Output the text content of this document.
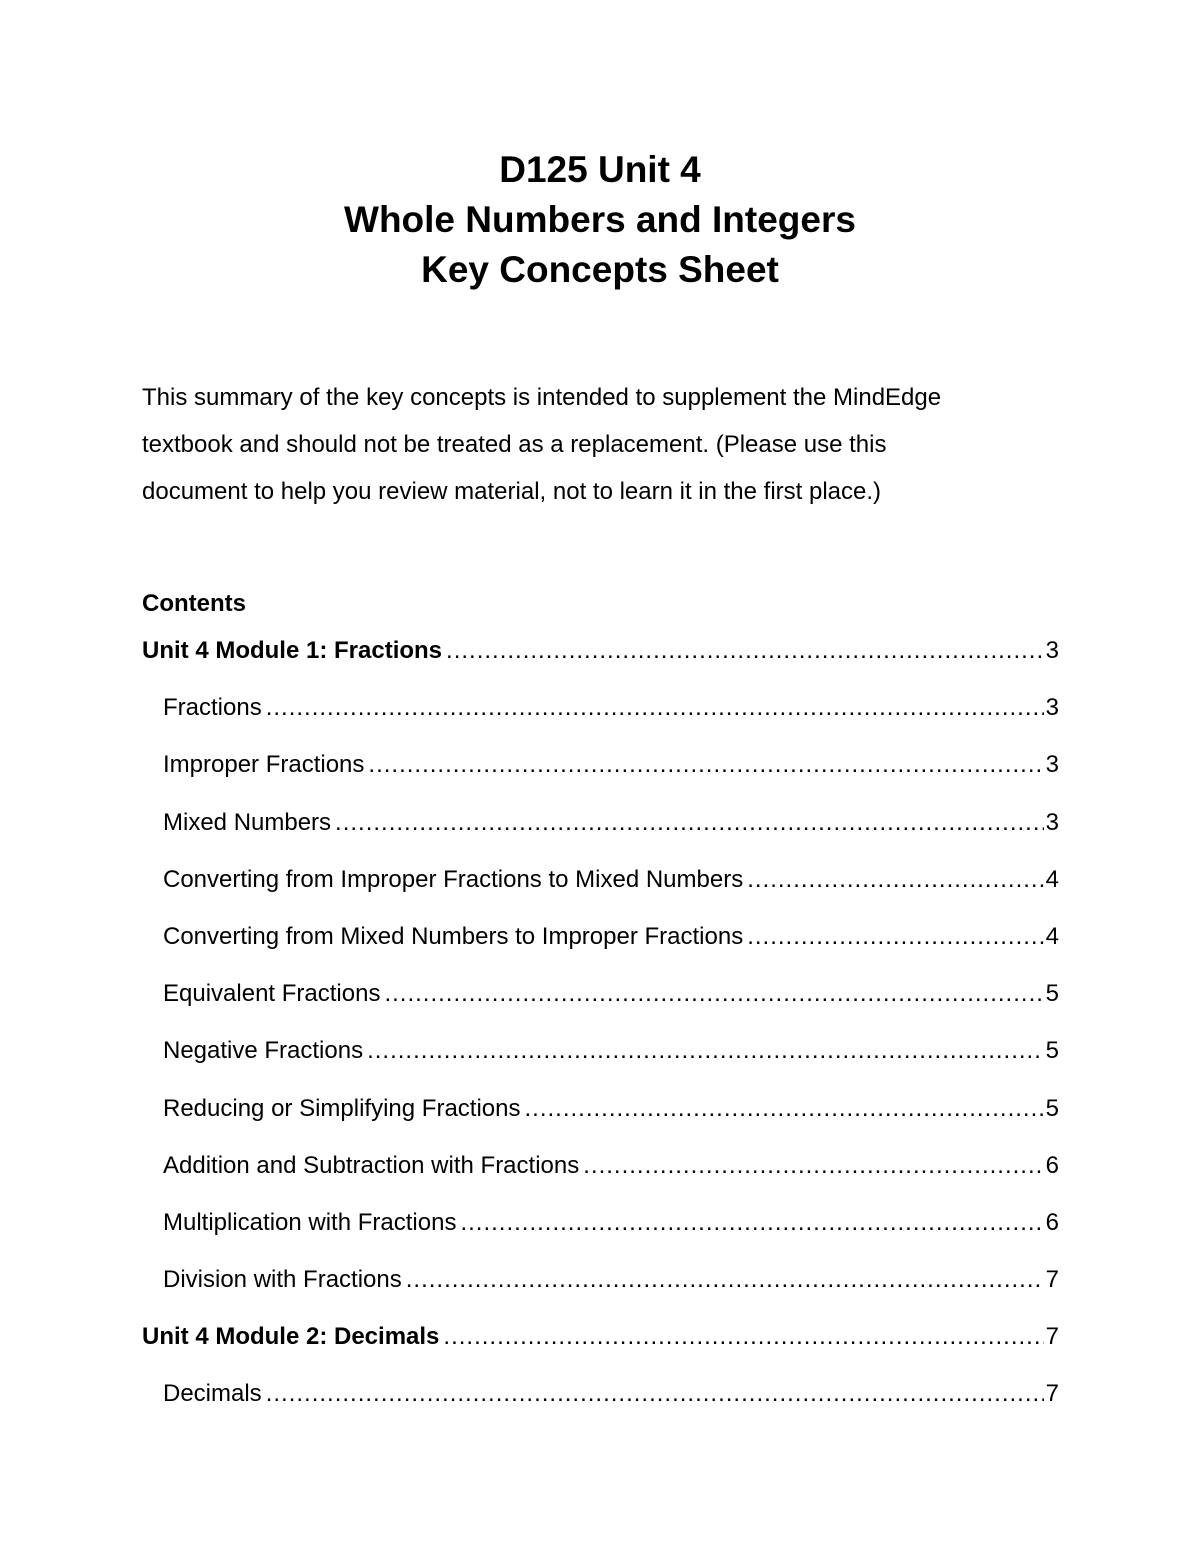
D125 Unit 4
Whole Numbers and Integers
Key Concepts Sheet
This summary of the key concepts is intended to supplement the MindEdge
textbook and should not be treated as a replacement. (Please use this
document to help you review material, not to learn it in the first place.)
Contents
Unit 4 Module 1: Fractions .....	3
Fractions .....	3
Improper Fractions .....	3
Mixed Numbers .....	3
Converting from Improper Fractions to Mixed Numbers .....	4
Converting from Mixed Numbers to Improper Fractions .....	4
Equivalent Fractions .....	5
Negative Fractions .....	5
Reducing or Simplifying Fractions .....	5
Addition and Subtraction with Fractions .....	6
Multiplication with Fractions .....	6
Division with Fractions .....	7
Unit 4 Module 2: Decimals .....	7
Decimals .....	7
